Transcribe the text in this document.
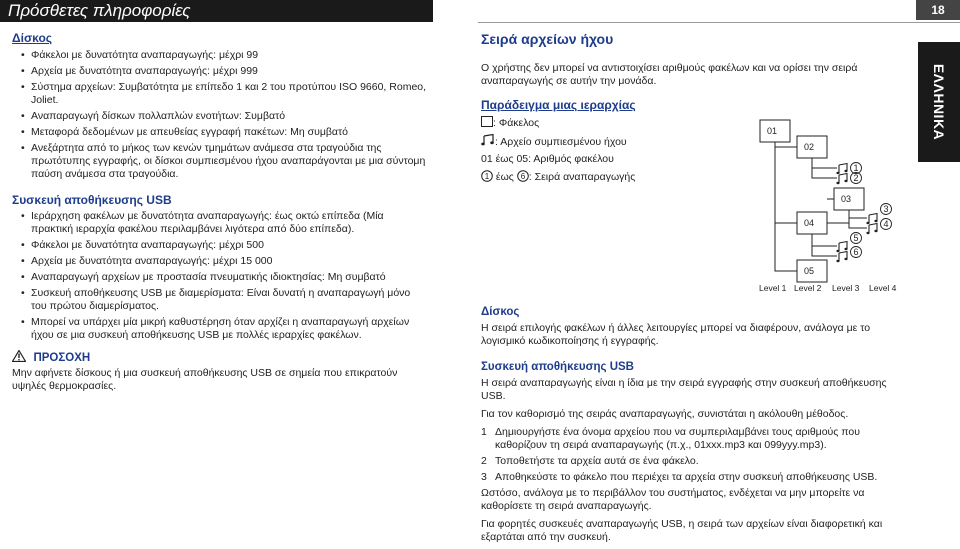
Πρόσθετες πληροφορίες	18
ΕΛΛΗΝΙΚΑ
Δίσκος
• Φάκελοι με δυνατότητα αναπαραγωγής: μέχρι 99
• Αρχεία με δυνατότητα αναπαραγωγής: μέχρι 999
• Σύστημα αρχείων: Συμβατότητα με επίπεδο 1 και 2 του προτύπου ISO 9660, Romeo, Joliet.
• Αναπαραγωγή δίσκων πολλαπλών ενοτήτων: Συμβατό
• Μεταφορά δεδομένων με απευθείας εγγραφή πακέτων: Μη συμβατό
• Ανεξάρτητα από το μήκος των κενών τμημάτων ανάμεσα στα τραγούδια της πρωτότυπης εγγραφής, οι δίσκοι συμπιεσμένου ήχου αναπαράγονται με μια σύντομη παύση ανάμεσα στα τραγούδια.
Συσκευή αποθήκευσης USB
• Ιεράρχηση φακέλων με δυνατότητα αναπαραγωγής: έως οκτώ επίπεδα (Μία πρακτική ιεραρχία φακέλου περιλαμβάνει λιγότερα από δύο επίπεδα).
• Φάκελοι με δυνατότητα αναπαραγωγής: μέχρι 500
• Αρχεία με δυνατότητα αναπαραγωγής: μέχρι 15 000
• Αναπαραγωγή αρχείων με προστασία πνευματικής ιδιοκτησίας: Μη συμβατό
• Συσκευή αποθήκευσης USB με διαμερίσματα: Είναι δυνατή η αναπαραγωγή μόνο του πρώτου διαμερίσματος.
• Μπορεί να υπάρχει μία μικρή καθυστέρηση όταν αρχίζει η αναπαραγωγή αρχείων ήχου σε μια συσκευή αποθήκευσης USB με πολλές ιεραρχίες φακέλων.
ΠΡΟΣΟΧΗ
Μην αφήνετε δίσκους ή μια συσκευή αποθήκευσης USB σε σημεία που επικρατούν υψηλές θερμοκρασίες.
Σειρά αρχείων ήχου
Ο χρήστης δεν μπορεί να αντιστοιχίσει αριθμούς φακέλων και να ορίσει την σειρά αναπαραγωγής σε αυτήν την μονάδα.
Παράδειγμα μιας ιεραρχίας
: Φάκελος
: Αρχείο συμπιεσμένου ήχου
01 έως 05: Αριθμός φακέλου
1 έως 6 : Σειρά αναπαραγωγής
01
02
03
04
05
1
2
3
4
5
6
Level 1 Level 2 Level 3 Level 4
Δίσκος
Η σειρά επιλογής φακέλων ή άλλες λειτουργίες μπορεί να διαφέρουν, ανάλογα με το λογισμικό κωδικοποίησης ή εγγραφής.
Συσκευή αποθήκευσης USB

Η σειρά αναπαραγωγής είναι η ίδια με την σειρά εγγραφής στην συσκευή αποθήκευσης USB.

Για τον καθορισμό της σειράς αναπαραγωγής, συνιστάται η ακόλουθη μέθοδος.

1 Δημιουργήστε ένα όνομα αρχείου που να συμπεριλαμβάνει τους αριθμούς που καθορίζουν τη σειρά αναπαραγωγής (π.χ., 01xxx.mp3 και 099yyy.mp3).
2 Τοποθετήστε τα αρχεία αυτά σε ένα φάκελο.
3 Αποθηκεύστε το φάκελο που περιέχει τα αρχεία στην συσκευή αποθήκευσης USB.

Ωστόσο, ανάλογα με το περιβάλλον του συστήματος, ενδέχεται να μην μπορείτε να καθορίσετε τη σειρά αναπαραγωγής.

Για φορητές συσκευές αναπαραγωγής USB, η σειρά των αρχείων είναι διαφορετική και εξαρτάται από την συσκευή.
